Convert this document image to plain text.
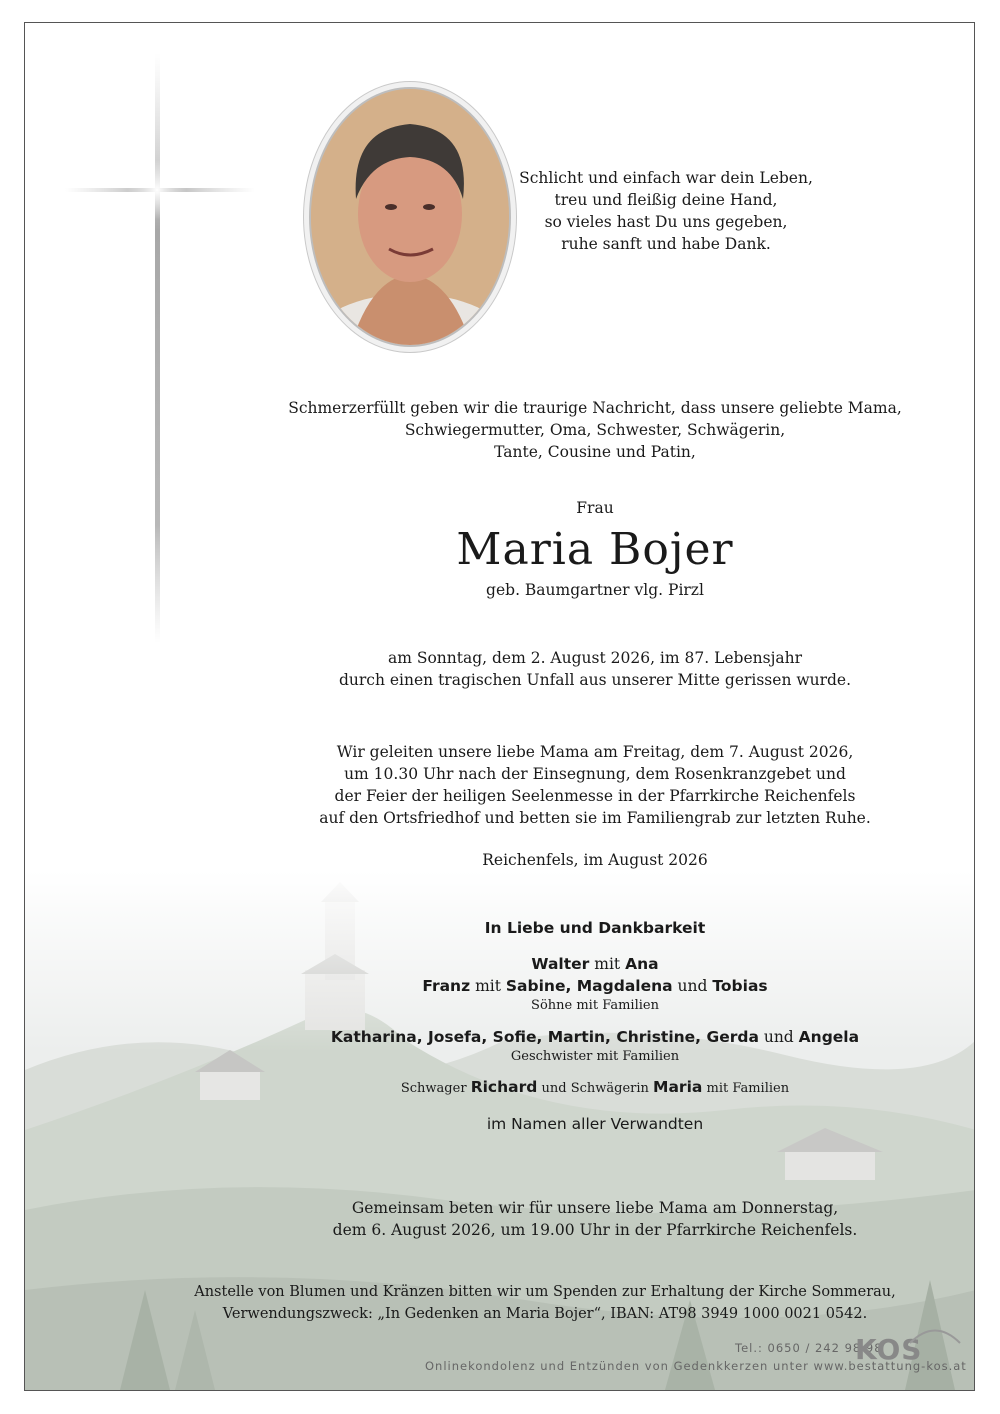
Schlicht und einfach war dein Leben,
treu und fleißig deine Hand,
so vieles hast Du uns gegeben,
ruhe sanft und habe Dank.
Schmerzerfüllt geben wir die traurige Nachricht, dass unsere geliebte Mama,
Schwiegermutter, Oma, Schwester, Schwägerin,
Tante, Cousine und Patin,
Frau
Maria Bojer
geb. Baumgartner vlg. Pirzl
am Sonntag, dem 2. August 2026, im 87. Lebensjahr
durch einen tragischen Unfall aus unserer Mitte gerissen wurde.
Wir geleiten unsere liebe Mama am Freitag, dem 7. August 2026,
um 10.30 Uhr nach der Einsegnung, dem Rosenkranzgebet und
der Feier der heiligen Seelenmesse in der Pfarrkirche Reichenfels
auf den Ortsfriedhof und betten sie im Familiengrab zur letzten Ruhe.
Reichenfels, im August 2026
In Liebe und Dankbarkeit
Walter mit Ana
Franz mit Sabine, Magdalena und Tobias
Söhne mit Familien
Katharina, Josefa, Sofie, Martin, Christine, Gerda und Angela
Geschwister mit Familien
Schwager Richard und Schwägerin Maria mit Familien
im Namen aller Verwandten
Gemeinsam beten wir für unsere liebe Mama am Donnerstag,
dem 6. August 2026, um 19.00 Uhr in der Pfarrkirche Reichenfels.
Anstelle von Blumen und Kränzen bitten wir um Spenden zur Erhaltung der Kirche Sommerau,
Verwendungszweck: „In Gedenken an Maria Bojer“, IBAN: AT98 3949 1000 0021 0542.
Tel.: 0650 / 242 98 98
Onlinekondolenz und Entzünden von Gedenkkerzen unter www.bestattung-kos.at
KOS
